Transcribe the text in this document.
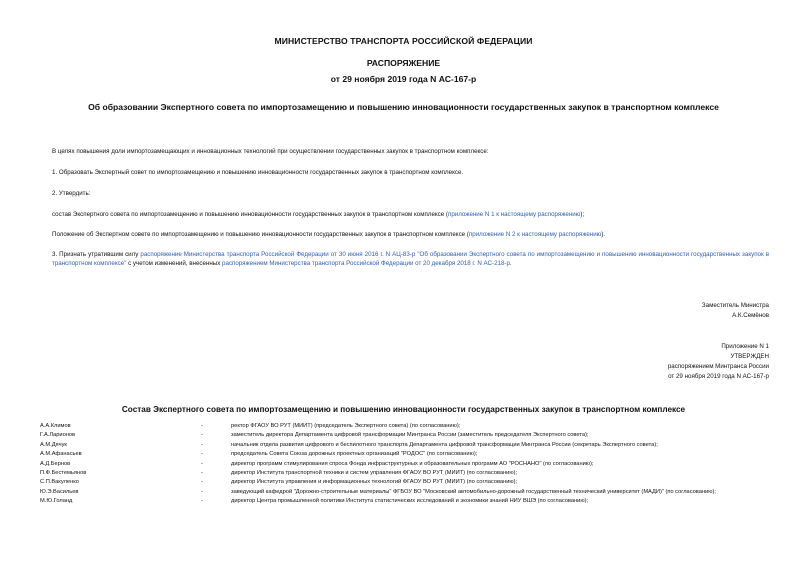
МИНИСТЕРСТВО ТРАНСПОРТА РОССИЙСКОЙ ФЕДЕРАЦИИ
РАСПОРЯЖЕНИЕ
от 29 ноября 2019 года N АС-167-р
Об образовании Экспертного совета по импортозамещению и повышению инновационности государственных закупок в транспортном комплексе
В целях повышения доли импортозамещающих и инновационных технологий при осуществлении государственных закупок в транспортном комплексе:
1. Образовать Экспертный совет по импортозамещению и повышению инновационности государственных закупок в транспортном комплексе.
2. Утвердить:
состав Экспертного совета по импортозамещению и повышению инновационности государственных закупок в транспортном комплексе (приложение N 1 к настоящему распоряжению);
Положение об Экспертном совете по импортозамещению и повышению инновационности государственных закупок в транспортном комплексе (приложение N 2 к настоящему распоряжению).
3. Признать утратившим силу распоряжение Министерства транспорта Российской Федерации от 30 июня 2016 г. N АЦ-83-р "Об образовании Экспертного совета по импортозамещению и повышению инновационности государственных закупок в транспортном комплексе" с учетом изменений, внесенных распоряжением Министерства транспорта Российской Федерации от 20 декабря 2018 г. N АС-218-р.
Заместитель Министра
А.К.Семёнов
Приложение N 1
УТВЕРЖДЕН
распоряжением Минтранса России
от 29 ноября 2019 года N АС-167-р
Состав Экспертного совета по импортозамещению и повышению инновационности государственных закупок в транспортном комплексе
А.А.Климов	-	ректор ФГАОУ ВО РУТ (МИИТ) (председатель Экспертного совета) (по согласованию);
Г.А.Ларионов	-	заместитель директора Департамента цифровой трансформации Минтранса России (заместитель председателя Экспертного совета);
А.М.Дячук	-	начальник отдела развития цифрового и беспилотного транспорта Департамента цифровой трансформации Минтранса России (секретарь Экспертного совета);
А.М.Афанасьев	-	председатель Совета Союза дорожных проектных организаций "РОДОС" (по согласованию);
А.Д.Бернов	-	директор программ стимулирования спроса Фонда инфраструктурных и образовательных программ АО "РОСНАНО" (по согласованию);
П.Ф.Бестемьянов	-	директор Института транспортной техники и систем управления ФГАОУ ВО РУТ (МИИТ) (по согласованию);
С.П.Вакуленко	-	директор Института управления и информационных технологий ФГАОУ ВО РУТ (МИИТ) (по согласованию);
Ю.Э.Васильев	-	заведующий кафедрой "Дорожно-строительные материалы" ФГБОУ ВО "Московский автомобильно-дорожный государственный технический университет (МАДИ)" (по согласованию);
М.Ю.Голанд	-	директор Центра промышленной политики Института статистических исследований и экономики знаний НИУ ВШЭ (по согласованию);
